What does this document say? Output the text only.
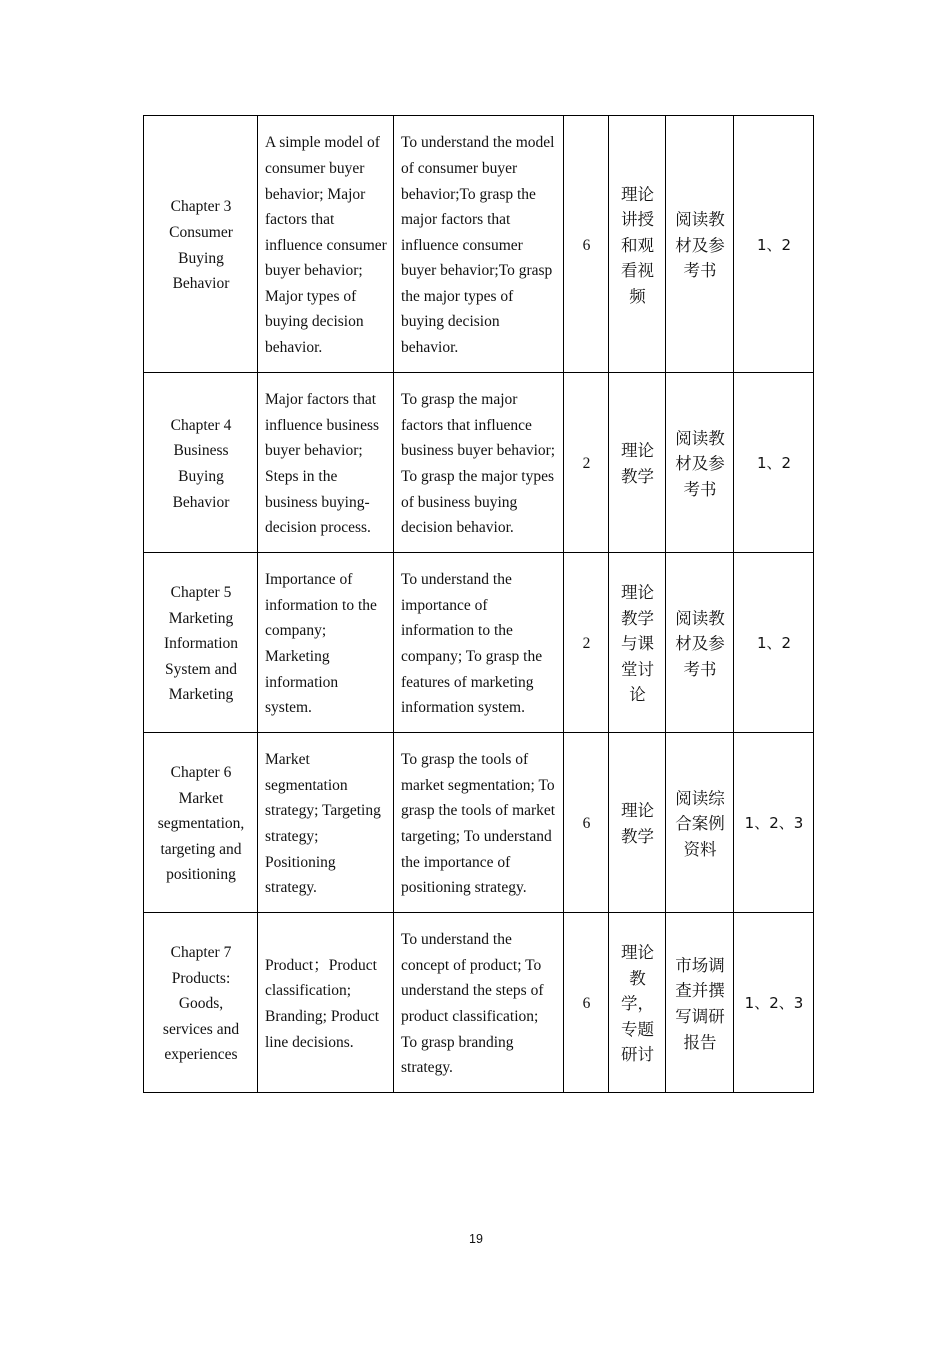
Chapter 3
Consumer
Buying
Behavior	A simple model of consumer buyer behavior; Major factors that influence consumer buyer behavior; Major types of buying decision behavior.	To understand the model of consumer buyer behavior;To grasp the major factors that influence consumer buyer behavior;To grasp the major types of buying decision behavior.	6	理论讲授和观看视频	阅读教材及参考书	1、2

Chapter 4
Business
Buying
Behavior	Major factors that influence business buyer behavior; Steps in the business buying-decision process.	To grasp the major factors that influence business buyer behavior; To grasp the major types of business buying decision behavior.	2	理论教学	阅读教材及参考书	1、2

Chapter 5
Marketing
Information
System and
Marketing	Importance of information to the company; Marketing information system.	To understand the importance of information to the company; To grasp the features of marketing information system.	2	理论教学与课堂讨论	阅读教材及参考书	1、2

Chapter 6
Market
segmentation,
targeting and
positioning	Market segmentation strategy; Targeting strategy; Positioning strategy.	To grasp the tools of market segmentation; To grasp the tools of market targeting; To understand the importance of positioning strategy.	6	理论教学	阅读综合案例资料	1、2、3

Chapter 7
Products:
Goods,
services and
experiences	Product；Product classification; Branding; Product line decisions.	To understand the concept of product; To understand the steps of product classification; To grasp branding strategy.	6	理论教学，专题研讨	市场调查并撰写调研报告	1、2、3
19
